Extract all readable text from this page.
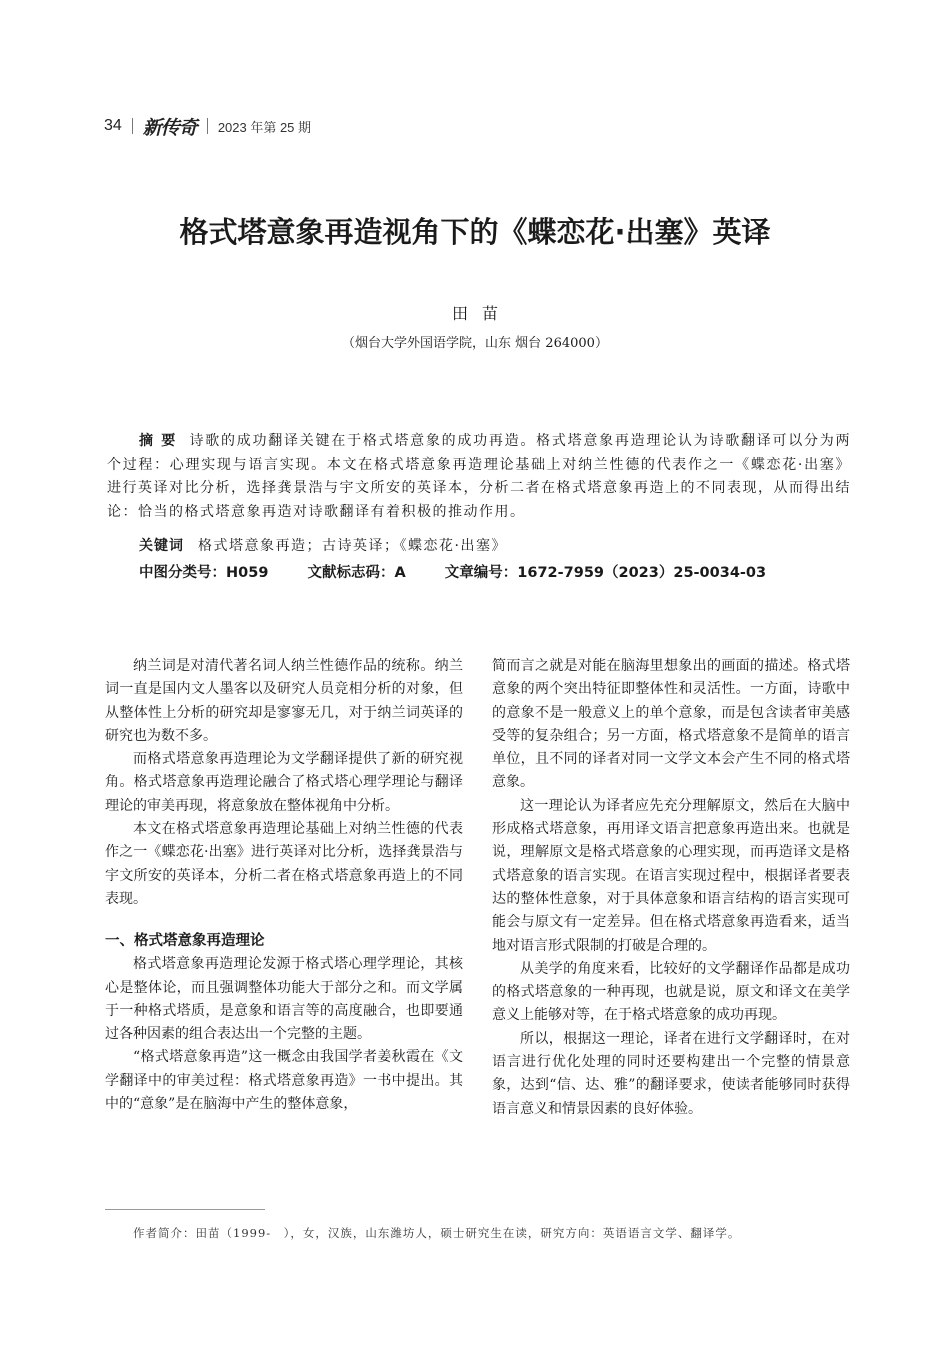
34 新传奇 2023 年第 25 期
格式塔意象再造视角下的《蝶恋花·出塞》英译
田苗
（烟台大学外国语学院，山东 烟台 264000）
摘要 诗歌的成功翻译关键在于格式塔意象的成功再造。格式塔意象再造理论认为诗歌翻译可以分为两个过程：心理实现与语言实现。本文在格式塔意象再造理论基础上对纳兰性德的代表作之一《蝶恋花·出塞》进行英译对比分析，选择龚景浩与宇文所安的英译本，分析二者在格式塔意象再造上的不同表现，从而得出结论：恰当的格式塔意象再造对诗歌翻译有着积极的推动作用。
关键词 格式塔意象再造；古诗英译；《蝶恋花·出塞》
中图分类号：H059	文献标志码：A	文章编号：1672-7959（2023）25-0034-03

纳兰词是对清代著名词人纳兰性德作品的统称。纳兰词一直是国内文人墨客以及研究人员竞相分析的对象，但从整体性上分析的研究却是寥寥无几，对于纳兰词英译的研究也为数不多。

而格式塔意象再造理论为文学翻译提供了新的研究视角。格式塔意象再造理论融合了格式塔心理学理论与翻译理论的审美再现，将意象放在整体视角中分析。

本文在格式塔意象再造理论基础上对纳兰性德的代表作之一《蝶恋花·出塞》进行英译对比分析，选择龚景浩与宇文所安的英译本，分析二者在格式塔意象再造上的不同表现。

一、格式塔意象再造理论

格式塔意象再造理论发源于格式塔心理学理论，其核心是整体论，而且强调整体功能大于部分之和。而文学属于一种格式塔质，是意象和语言等的高度融合，也即要通过各种因素的组合表达出一个完整的主题。

“格式塔意象再造”这一概念由我国学者姜秋霞在《文学翻译中的审美过程：格式塔意象再造》一书中提出。其中的“意象”是在脑海中产生的整体意象，

简而言之就是对能在脑海里想象出的画面的描述。格式塔意象的两个突出特征即整体性和灵活性。一方面，诗歌中的意象不是一般意义上的单个意象，而是包含读者审美感受等的复杂组合；另一方面，格式塔意象不是简单的语言单位，且不同的译者对同一文学文本会产生不同的格式塔意象。

这一理论认为译者应先充分理解原文，然后在大脑中形成格式塔意象，再用译文语言把意象再造出来。也就是说，理解原文是格式塔意象的心理实现，而再造译文是格式塔意象的语言实现。在语言实现过程中，根据译者要表达的整体性意象，对于具体意象和语言结构的语言实现可能会与原文有一定差异。但在格式塔意象再造看来，适当地对语言形式限制的打破是合理的。

从美学的角度来看，比较好的文学翻译作品都是成功的格式塔意象的一种再现，也就是说，原文和译文在美学意义上能够对等，在于格式塔意象的成功再现。

所以，根据这一理论，译者在进行文学翻译时，在对语言进行优化处理的同时还要构建出一个完整的情景意象，达到“信、达、雅”的翻译要求，使读者能够同时获得语言意义和情景因素的良好体验。

作者简介：田苗（1999-　），女，汉族，山东潍坊人，硕士研究生在读，研究方向：英语语言文学、翻译学。
